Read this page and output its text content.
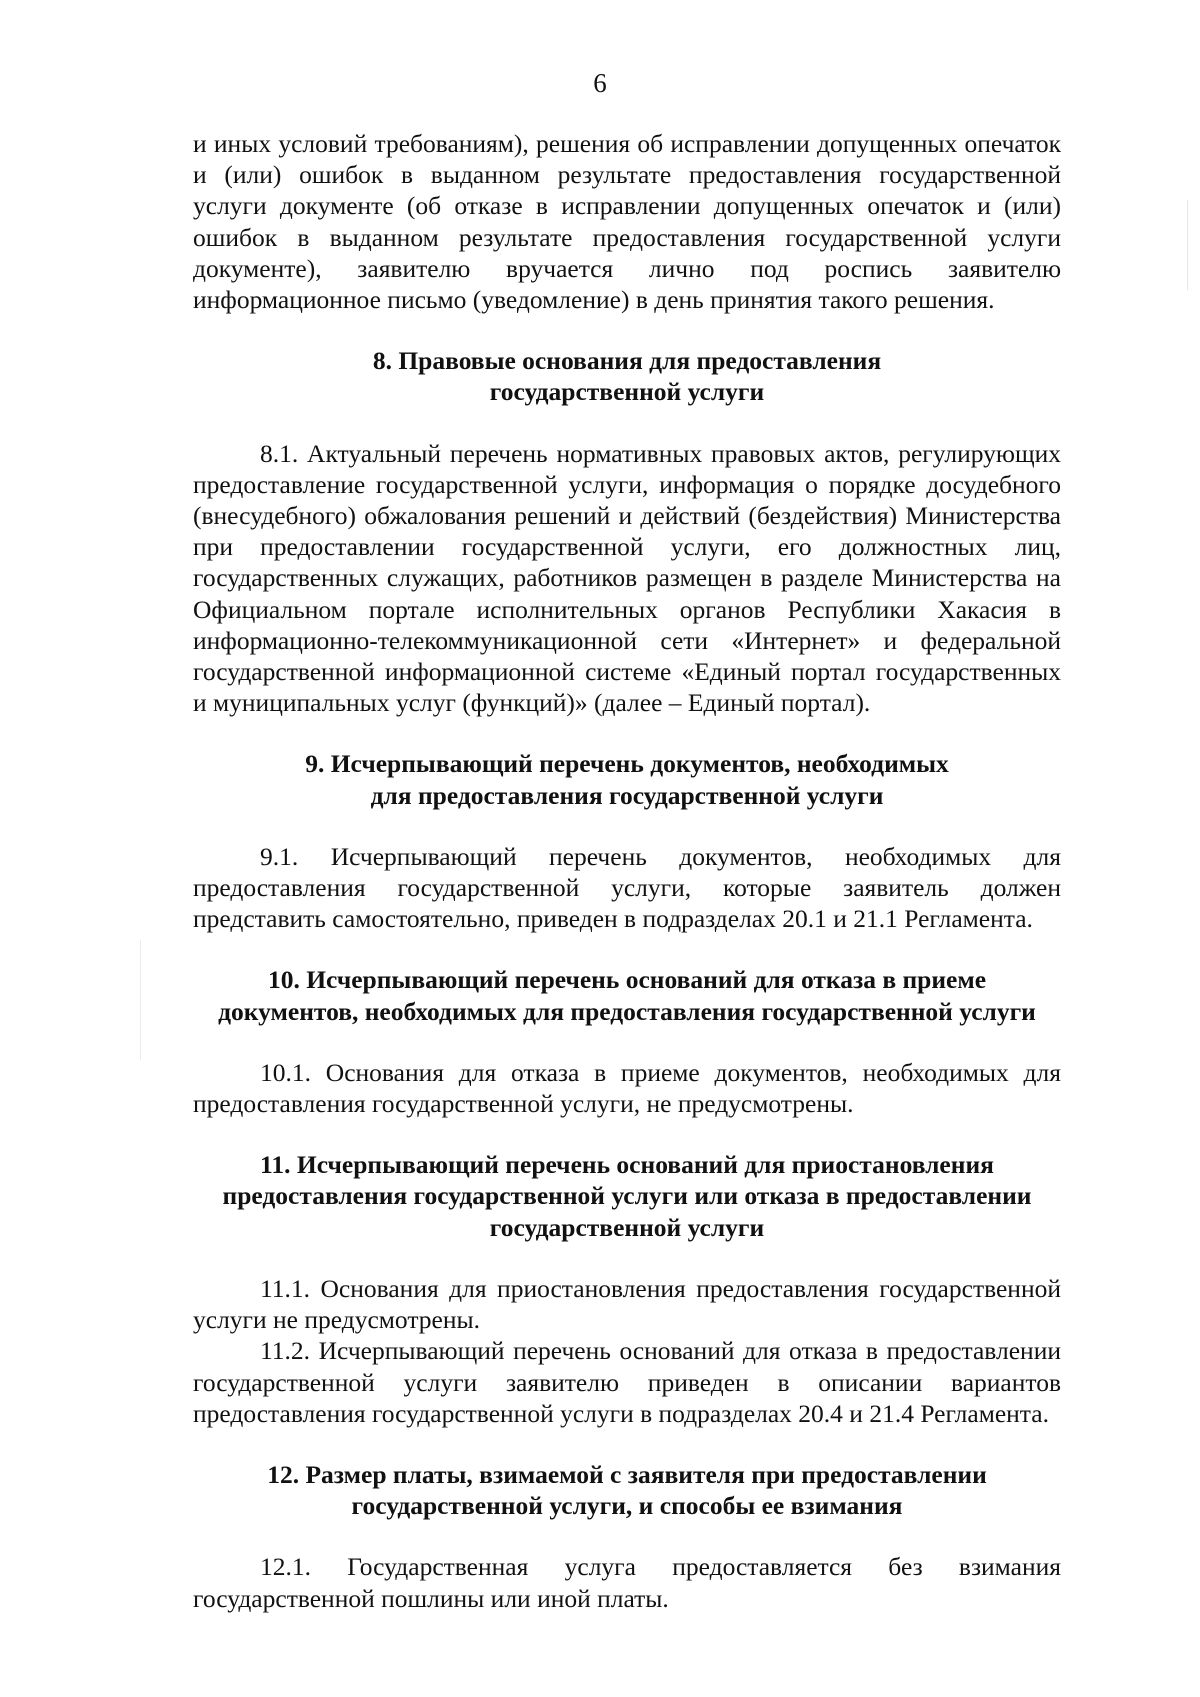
6

и иных условий требованиям), решения об исправлении допущенных опечаток и (или) ошибок в выданном результате предоставления государственной услуги документе (об отказе в исправлении допущенных опечаток и (или) ошибок в выданном результате предоставления государственной услуги документе), заявителю вручается лично под роспись заявителю информационное письмо (уведомление) в день принятия такого решения.

8. Правовые основания для предоставления
государственной услуги

8.1. Актуальный перечень нормативных правовых актов, регулирующих предоставление государственной услуги, информация о порядке досудебного (внесудебного) обжалования решений и действий (бездействия) Министерства при предоставлении государственной услуги, его должностных лиц, государственных служащих, работников размещен в разделе Министерства на Официальном портале исполнительных органов Республики Хакасия в информационно-телекоммуникационной сети «Интернет» и федеральной государственной информационной системе «Единый портал государственных и муниципальных услуг (функций)» (далее – Единый портал).

9. Исчерпывающий перечень документов, необходимых
для предоставления государственной услуги

9.1. Исчерпывающий перечень документов, необходимых для предоставления государственной услуги, которые заявитель должен представить самостоятельно, приведен в подразделах 20.1 и 21.1 Регламента.

10. Исчерпывающий перечень оснований для отказа в приеме
документов, необходимых для предоставления государственной услуги

10.1. Основания для отказа в приеме документов, необходимых для предоставления государственной услуги, не предусмотрены.

11. Исчерпывающий перечень оснований для приостановления
предоставления государственной услуги или отказа в предоставлении
государственной услуги

11.1. Основания для приостановления предоставления государственной услуги не предусмотрены.

11.2. Исчерпывающий перечень оснований для отказа в предоставлении государственной услуги заявителю приведен в описании вариантов предоставления государственной услуги в подразделах 20.4 и 21.4 Регламента.

12. Размер платы, взимаемой с заявителя при предоставлении
государственной услуги, и способы ее взимания

12.1. Государственная услуга предоставляется без взимания государственной пошлины или иной платы.
